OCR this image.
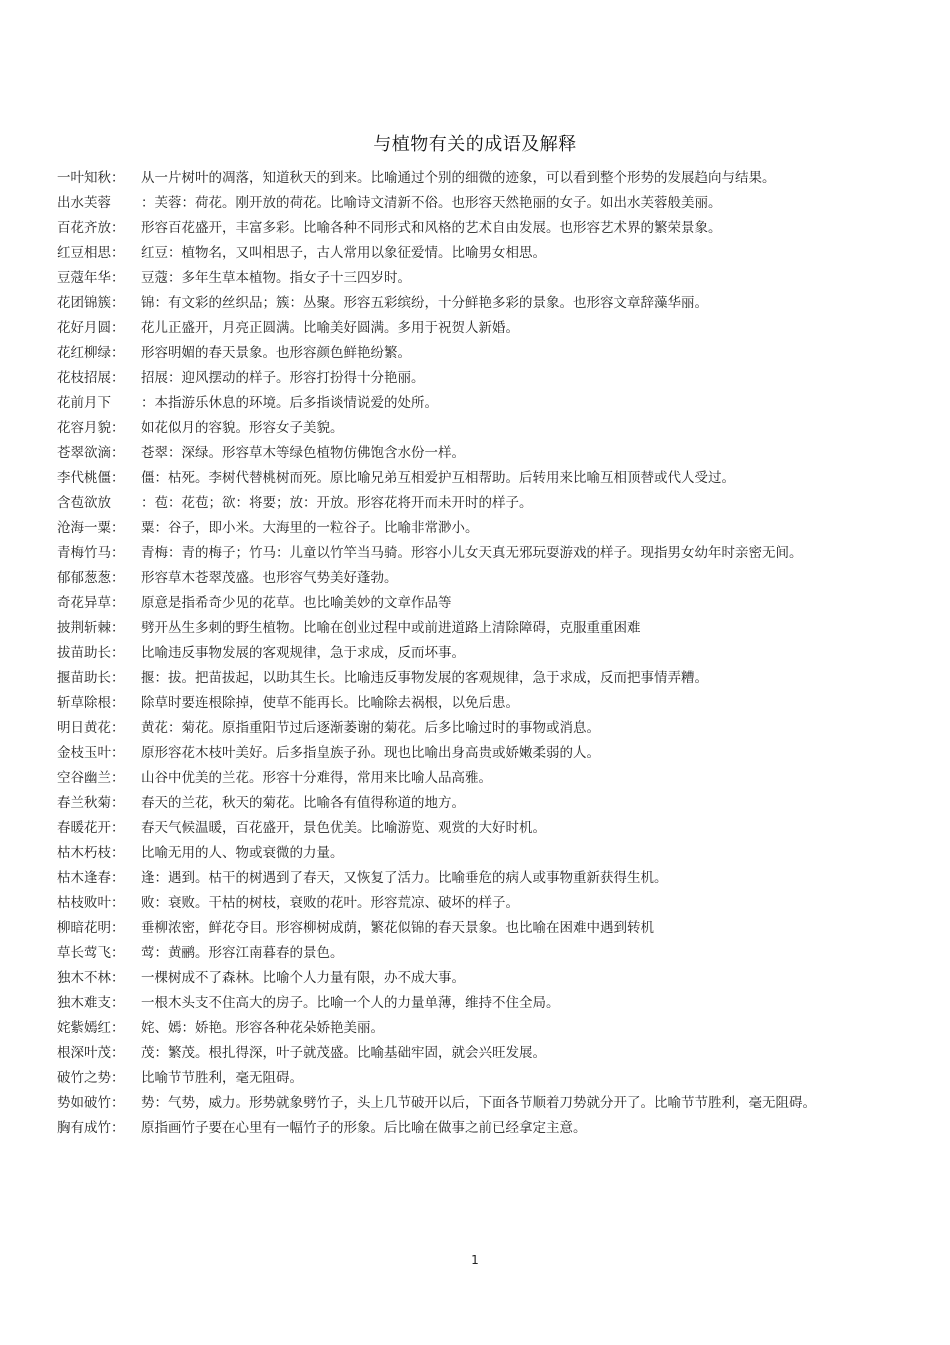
与植物有关的成语及解释
一叶知秋： 从一片树叶的凋落，知道秋天的到来。比喻通过个别的细微的迹象，可以看到整个形势的发展趋向与结果。
出水芙蓉	：芙蓉：荷花。刚开放的荷花。比喻诗文清新不俗。也形容天然艳丽的女子。如出水芙蓉般美丽。
百花齐放：	形容百花盛开，丰富多彩。比喻各种不同形式和风格的艺术自由发展。也形容艺术界的繁荣景象。
红豆相思：	红豆：植物名，又叫相思子，古人常用以象征爱情。比喻男女相思。
豆蔻年华：	豆蔻：多年生草本植物。指女子十三四岁时。
花团锦簇：	锦：有文彩的丝织品；簇：丛聚。形容五彩缤纷，十分鲜艳多彩的景象。也形容文章辞藻华丽。
花好月圆：	花儿正盛开，月亮正圆满。比喻美好圆满。多用于祝贺人新婚。
花红柳绿：	形容明媚的春天景象。也形容颜色鲜艳纷繁。
花枝招展：	招展：迎风摆动的样子。形容打扮得十分艳丽。
花前月下	：本指游乐休息的环境。后多指谈情说爱的处所。
花容月貌：	如花似月的容貌。形容女子美貌。
苍翠欲滴：	苍翠：深绿。形容草木等绿色植物仿佛饱含水份一样。
李代桃僵：	僵：枯死。李树代替桃树而死。原比喻兄弟互相爱护互相帮助。后转用来比喻互相顶替或代人受过。
含苞欲放	：苞：花苞；欲：将要；放：开放。形容花将开而未开时的样子。
沧海一粟：	粟：谷子，即小米。大海里的一粒谷子。比喻非常渺小。
青梅竹马： 青梅：青的梅子；竹马：儿童以竹竿当马骑。形容小儿女天真无邪玩耍游戏的样子。现指男女幼年时亲密无间。
郁郁葱葱：	形容草木苍翠茂盛。也形容气势美好蓬勃。
奇花异草：	原意是指希奇少见的花草。也比喻美妙的文章作品等
披荆斩棘：	劈开丛生多刺的野生植物。比喻在创业过程中或前进道路上清除障碍，克服重重困难
拔苗助长：	比喻违反事物发展的客观规律，急于求成，反而坏事。
揠苗助长：	揠：拔。把苗拔起，以助其生长。比喻违反事物发展的客观规律，急于求成，反而把事情弄糟。
斩草除根：	除草时要连根除掉，使草不能再长。比喻除去祸根，以免后患。
明日黄花：	黄花：菊花。原指重阳节过后逐渐萎谢的菊花。后多比喻过时的事物或消息。
金枝玉叶：	原形容花木枝叶美好。后多指皇族子孙。现也比喻出身高贵或娇嫩柔弱的人。
空谷幽兰：	山谷中优美的兰花。形容十分难得，常用来比喻人品高雅。
春兰秋菊：	春天的兰花，秋天的菊花。比喻各有值得称道的地方。
春暖花开：	春天气候温暖，百花盛开，景色优美。比喻游览、观赏的大好时机。
枯木朽枝：	比喻无用的人、物或衰微的力量。
枯木逢春：	逢：遇到。枯干的树遇到了春天，又恢复了活力。比喻垂危的病人或事物重新获得生机。
枯枝败叶：	败：衰败。干枯的树枝，衰败的花叶。形容荒凉、破坏的样子。
柳暗花明：	垂柳浓密，鲜花夺目。形容柳树成荫，繁花似锦的春天景象。也比喻在困难中遇到转机
草长莺飞：	莺：黄鹂。形容江南暮春的景色。
独木不林：	一棵树成不了森林。比喻个人力量有限，办不成大事。
独木难支：	一根木头支不住高大的房子。比喻一个人的力量单薄，维持不住全局。
姹紫嫣红：	姹、嫣：娇艳。形容各种花朵娇艳美丽。
根深叶茂：	茂：繁茂。根扎得深，叶子就茂盛。比喻基础牢固，就会兴旺发展。
破竹之势：	比喻节节胜利，毫无阻碍。
势如破竹： 势：气势，威力。形势就象劈竹子，头上几节破开以后，下面各节顺着刀势就分开了。比喻节节胜利，毫无阻碍。
胸有成竹：	原指画竹子要在心里有一幅竹子的形象。后比喻在做事之前已经拿定主意。
1
